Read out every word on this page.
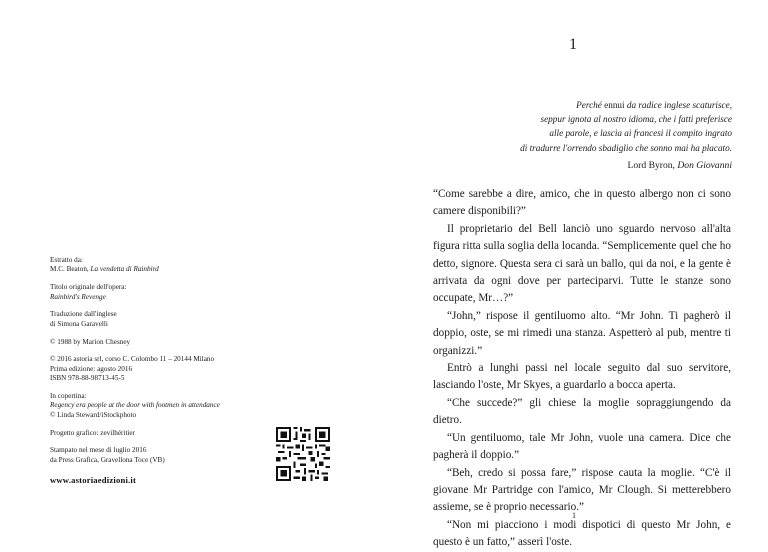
Estratto da:
M.C. Beaton, La vendetta di Rainbird
Titolo originale dell'opera:
Rainbird's Revenge
Traduzione dall'inglese
di Simona Garavelli
© 1988 by Marion Chesney
© 2016 astoria srl, corso C. Colombo 11 – 20144 Milano
Prima edizione: agosto 2016
ISBN 978-88-98713-45-5
In copertina:
Regency era people at the door with footmen in attendance
© Linda Steward/iStockphoto
Progetto grafico: zevilhéritier
Stampato nel mese di luglio 2016
da Press Grafica, Gravellona Toce (VB)
www.astoriaedizioni.it
1
Perché ennui da radice inglese scaturisce,
seppur ignota al nostro idioma, che i fatti preferisce
alle parole, e lascia ai francesi il compito ingrato
di tradurre l'orrendo sbadiglio che sonno mai ha placato.
Lord Byron, Don Giovanni
“Come sarebbe a dire, amico, che in questo albergo non ci sono camere disponibili?”
Il proprietario del Bell lanciò uno sguardo nervoso all'alta figura ritta sulla soglia della locanda. “Semplicemente quel che ho detto, signore. Questa sera ci sarà un ballo, qui da noi, e la gente è arrivata da ogni dove per parteciparvi. Tutte le stanze sono occupate, Mr…?”
“John,” rispose il gentiluomo alto. “Mr John. Ti pagherò il doppio, oste, se mi rimedi una stanza. Aspetterò al pub, mentre ti organizzi.”
Entrò a lunghi passi nel locale seguito dal suo servitore, lasciando l'oste, Mr Skyes, a guardarlo a bocca aperta.
“Che succede?” gli chiese la moglie sopraggiungendo da dietro.
“Un gentiluomo, tale Mr John, vuole una camera. Dice che pagherà il doppio.”
“Beh, credo si possa fare,” rispose cauta la moglie. “C'è il giovane Mr Partridge con l'amico, Mr Clough. Si metterebbero assieme, se è proprio necessario.”
“Non mi piacciono i modi dispotici di questo Mr John, e questo è un fatto,” asserì l'oste.
1
